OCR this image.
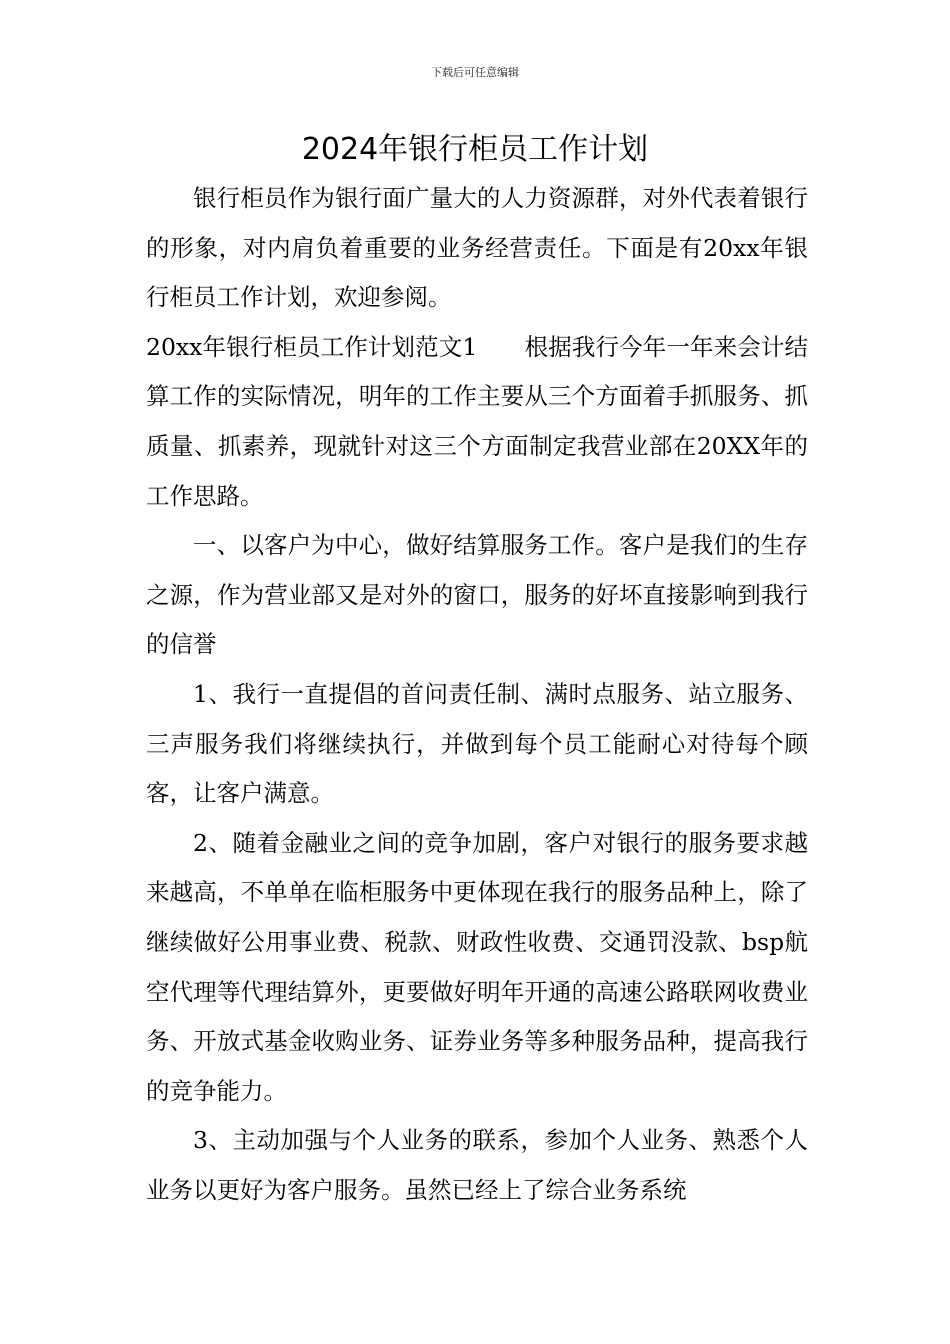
下载后可任意编辑
2024年银行柜员工作计划

银行柜员作为银行面广量大的人力资源群，对外代表着银行的形象，对内肩负着重要的业务经营责任。下面是有20xx年银行柜员工作计划，欢迎参阅。

20xx年银行柜员工作计划范文1　　根据我行今年一年来会计结算工作的实际情况，明年的工作主要从三个方面着手抓服务、抓质量、抓素养，现就针对这三个方面制定我营业部在20XX年的工作思路。

一、以客户为中心，做好结算服务工作。客户是我们的生存之源，作为营业部又是对外的窗口，服务的好坏直接影响到我行的信誉

1、我行一直提倡的首问责任制、满时点服务、站立服务、三声服务我们将继续执行，并做到每个员工能耐心对待每个顾客，让客户满意。

2、随着金融业之间的竞争加剧，客户对银行的服务要求越来越高，不单单在临柜服务中更体现在我行的服务品种上，除了继续做好公用事业费、税款、财政性收费、交通罚没款、bsp航空代理等代理结算外，更要做好明年开通的高速公路联网收费业务、开放式基金收购业务、证券业务等多种服务品种，提高我行的竞争能力。

3、主动加强与个人业务的联系，参加个人业务、熟悉个人业务以更好为客户服务。虽然已经上了综合业务系统
